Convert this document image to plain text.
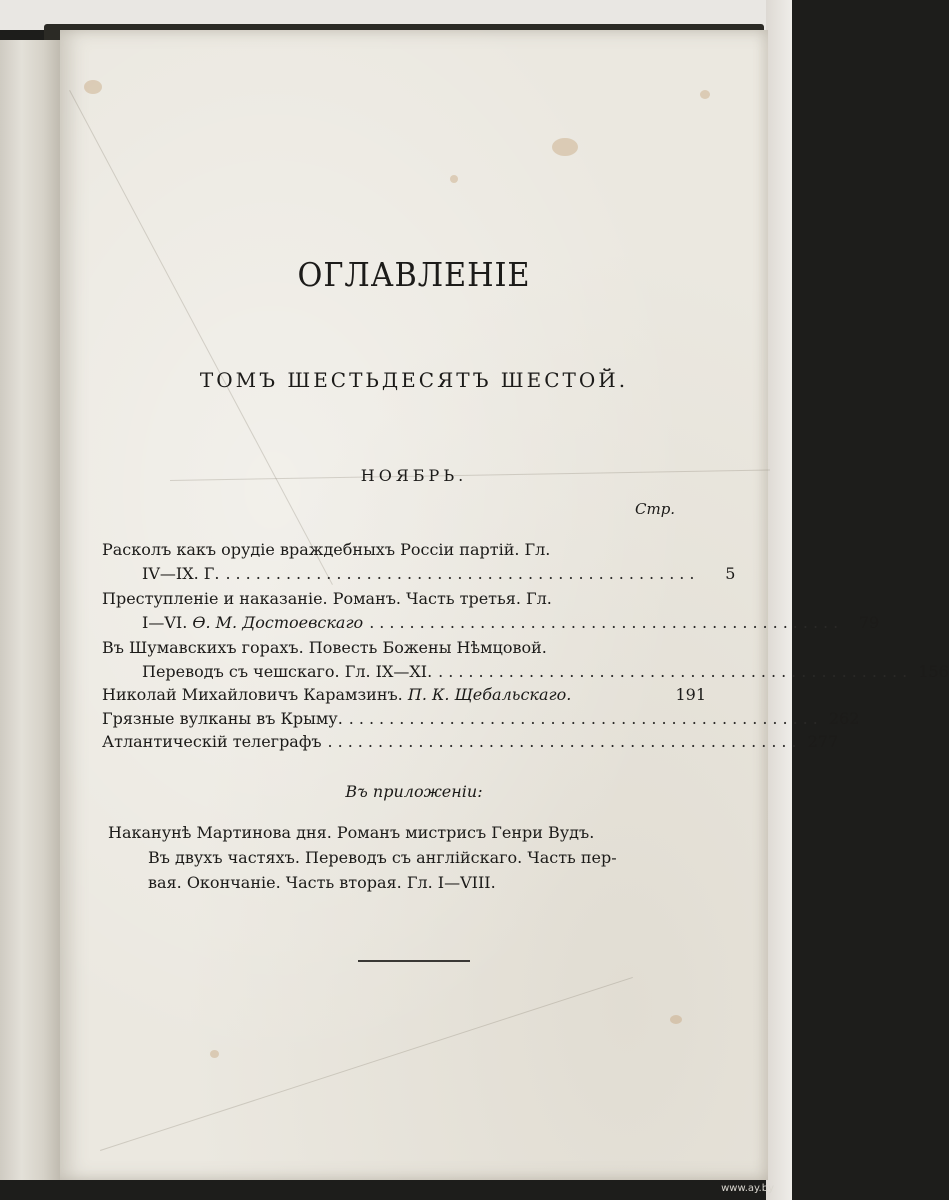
ОГЛАВЛЕНІЕ
ТОМЪ ШЕСТЬДЕСЯТЪ ШЕСТОЙ.
НОЯБРЬ.
Стр.
Расколъ какъ орудіе враждебныхъ Россіи партій. Гл.
IV—IX. Г. ...............................................	5
Преступленіе и наказаніе. Романъ. Часть третья. Гл.
I—VI.
Ѳ. М. Достоевскаго ............................................... 79
Въ Шумавскихъ горахъ. Повесть Божены Нѣмцовой.
Переводъ съ чешскаго. Гл. IX—XI. ............................................... 156
Николай Михайловичъ Карамзинъ.
П. К. Щебальскаго.	191
Грязные вулканы въ Крыму. ............................................... 262
Атлантическій телеграфъ ............................................... 277
Въ приложеніи:
Наканунѣ Мартинова дня. Романъ мистрисъ Генри Вудъ.
Въ двухъ частяхъ. Переводъ съ англійскаго. Часть пер-
вая. Окончаніе. Часть вторая. Гл. I—VIII.
www.ay.by
